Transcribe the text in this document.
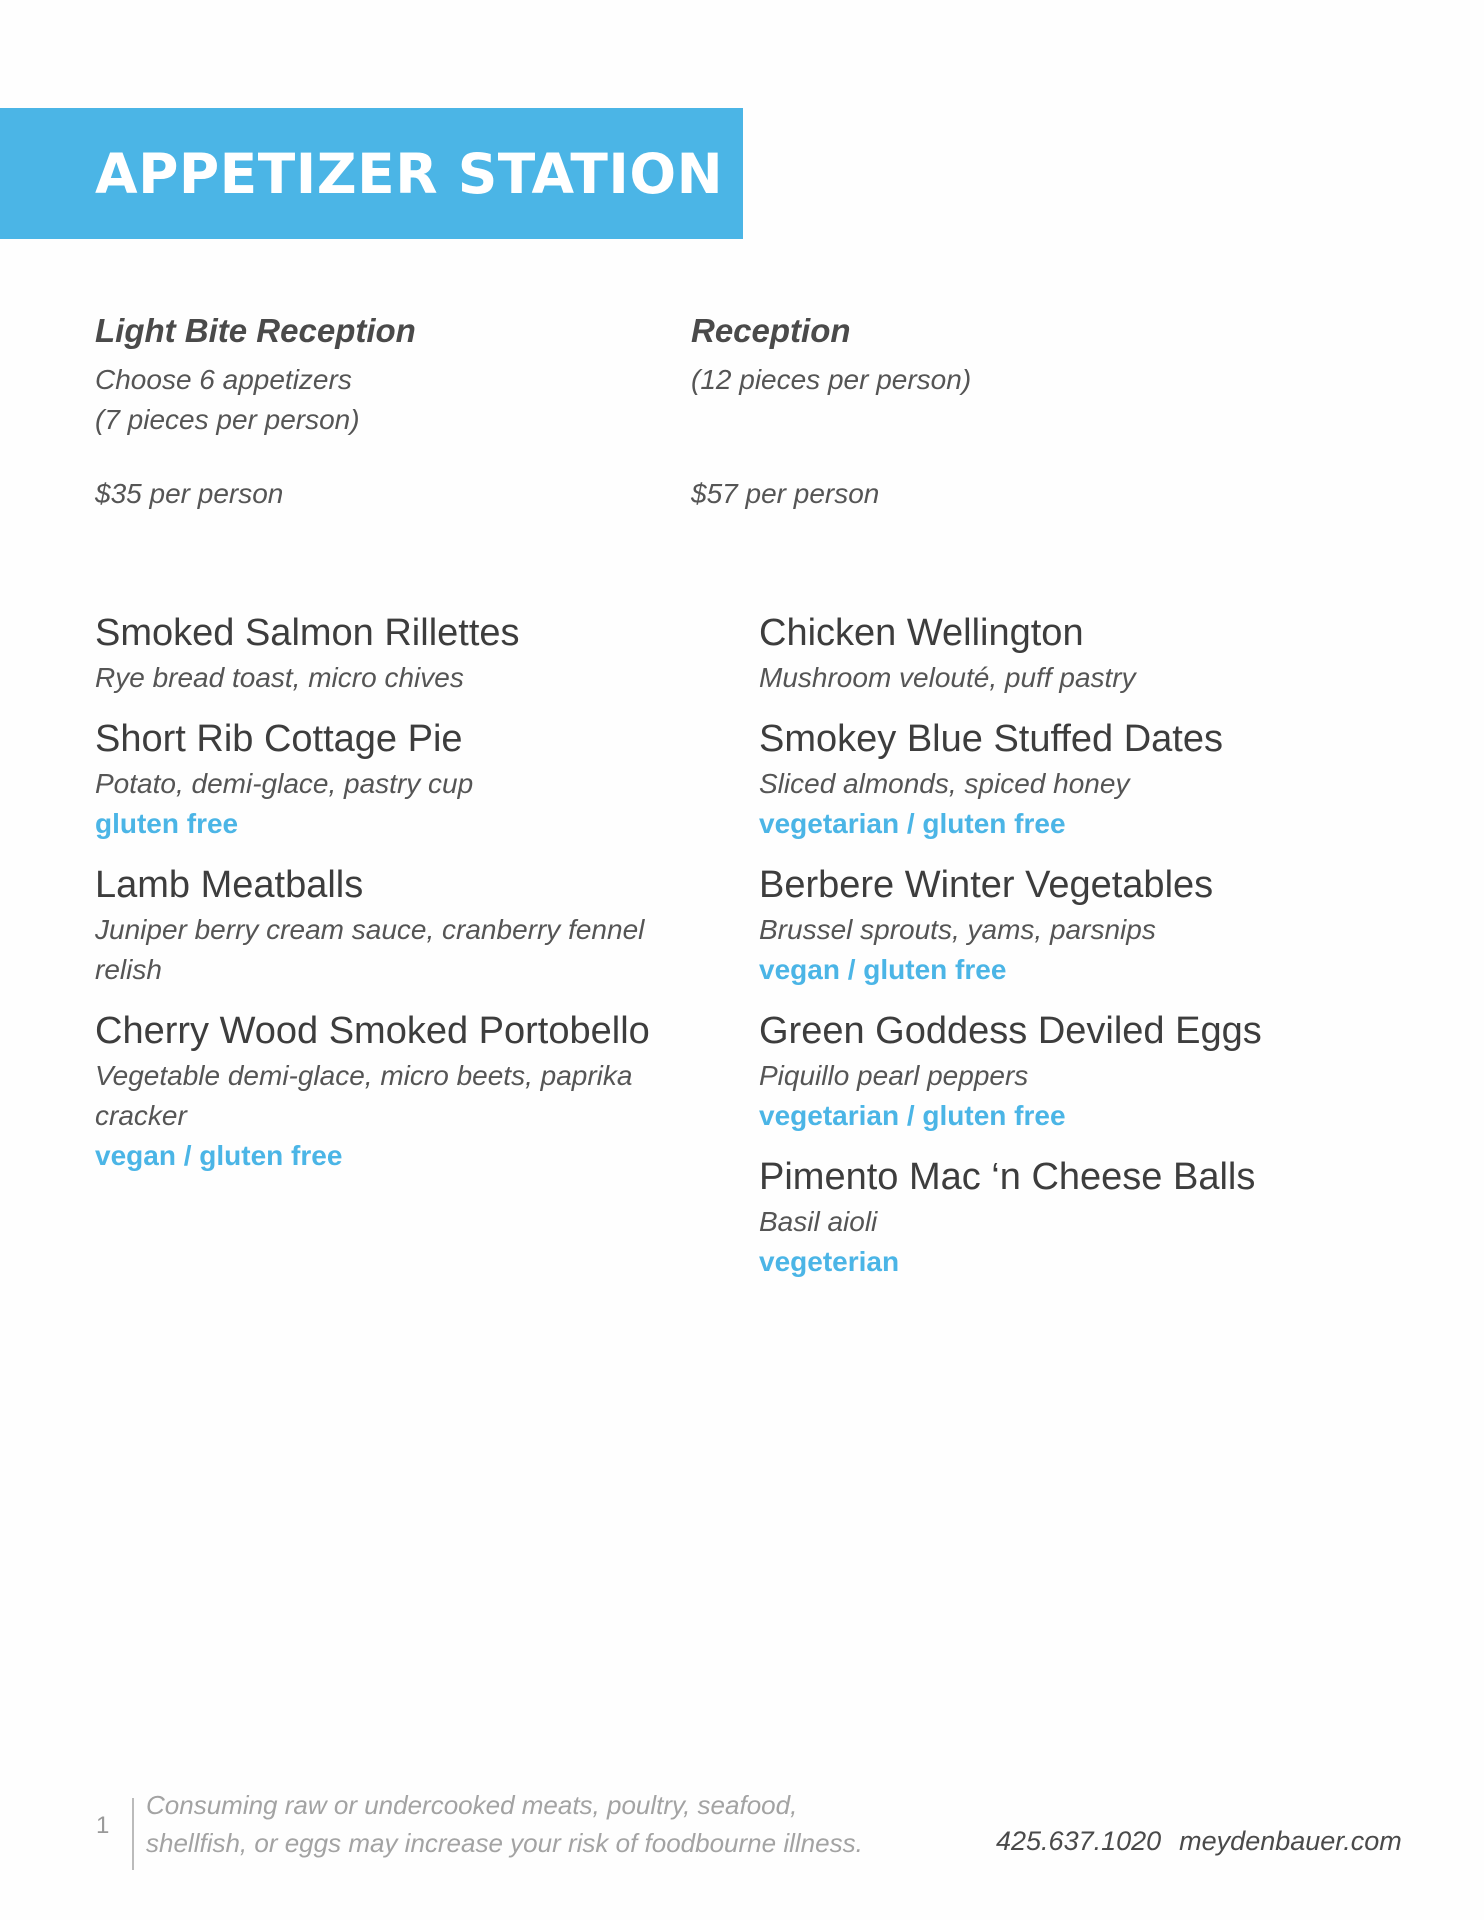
APPETIZER STATION

Light Bite Reception

Choose 6 appetizers

(7 pieces per person)

$35 per person

Reception

(12 pieces per person)

$57 per person

Smoked Salmon Rillettes

Rye bread toast, micro chives

Short Rib Cottage Pie

Potato, demi-glace, pastry cup

gluten free

Lamb Meatballs

Juniper berry cream sauce, cranberry fennel relish

Cherry Wood Smoked Portobello

Vegetable demi-glace, micro beets, paprika cracker

vegan / gluten free

Chicken Wellington

Mushroom velouté, puff pastry

Smokey Blue Stuffed Dates

Sliced almonds, spiced honey

vegetarian / gluten free

Berbere Winter Vegetables

Brussel sprouts, yams, parsnips

vegan / gluten free

Green Goddess Deviled Eggs

Piquillo pearl peppers

vegetarian / gluten free

Pimento Mac ‘n Cheese Balls

Basil aioli

vegeterian

1
Consuming raw or undercooked meats, poultry, seafood,
shellfish, or eggs may increase your risk of foodbourne illness.	425.637.1020 meydenbauer.com
